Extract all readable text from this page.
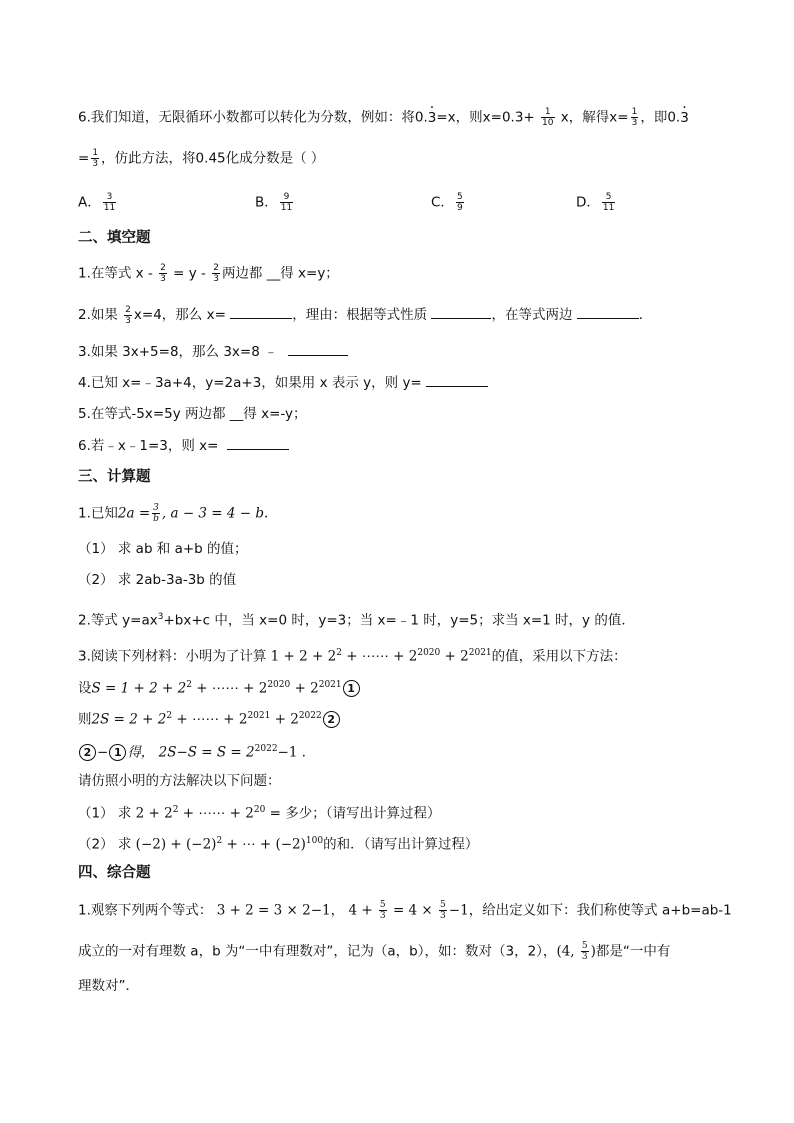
6.我们知道，无限循环小数都可以转化为分数，例如：将0.· 3=x，则$x=0.3+ \frac{1}{10}$ x，解得$x= \frac{1}{3}$ ，即0.· 3
= $\frac{1}{3}$ ，仿此方法，将0.45化成分数是（ ）
A． $\frac{3}{11}$	B． $\frac{9}{11}$	C． $\frac{5}{9}$	D． $\frac{5}{11}$
二、填空题
1.在等式 $x - \frac{2}{3} = y - \frac{2}{3}$ 两边都 __得 x=y；
2.如果 $\frac{2}{3} x=4$，那么 x=	，理由：根据等式性质	，在等式两边	．
3.如果 3x+5=8，那么 3x=8 ﹣
4.已知 x=﹣3a+4，y=2a+3，如果用 x 表示 y，则 y=
5.在等式-5x=5y 两边都 __得 x=-y；
6.若﹣x﹣1=3，则 x=
三、计算题
1.已知$2a = \frac{3}{b}$ , a − 3 = 4 − b.
（1） 求 ab 和 a+b 的值；
（2） 求 2ab-3a-3b 的值
2.等式 $y=ax^3+bx+c$ 中，当 x=0 时，y=3；当 x=﹣1 时，y=5；求当 x=1 时，y 的值．
3.阅读下列材料：小明为了计算 $1 + 2 + 2^2$ + ⋯⋯ + $2^{2020} + 2^{2021}$的值，采用以下方法：
设$S = 1 + 2 + 2^2$ + ⋯⋯ + $2^{2020} + 2^{2021}$ 1
则$2S = 2 + 2^2$ + ⋯⋯ + $2^{2021} + 2^{2022}$ 2
2 − 1 得， $2S-S = S = 2^{2022}-1$ ．
请仿照小明的方法解决以下问题：
（1） 求 $2 + 2^2$ + ⋯⋯ + $2^{20}$ = 多少；（请写出计算过程）
（2） 求 $(-2) + (-2)^2$ + ⋯ + $(-2)^{100}$的和．（请写出计算过程）
四、综合题
1.观察下列两个等式： 3 + 2 = 3 × 2−1， $4 + \frac{5}{3} = 4 \times \frac{5}{3} -1$，给出定义如下：我们称使等式 a+b=ab-1
成立的一对有理数 a，b 为“一中有理数对”，记为（a，b），如：数对（3，2），(4, $\frac{5}{3}$ )都是“一中有
理数对”．
